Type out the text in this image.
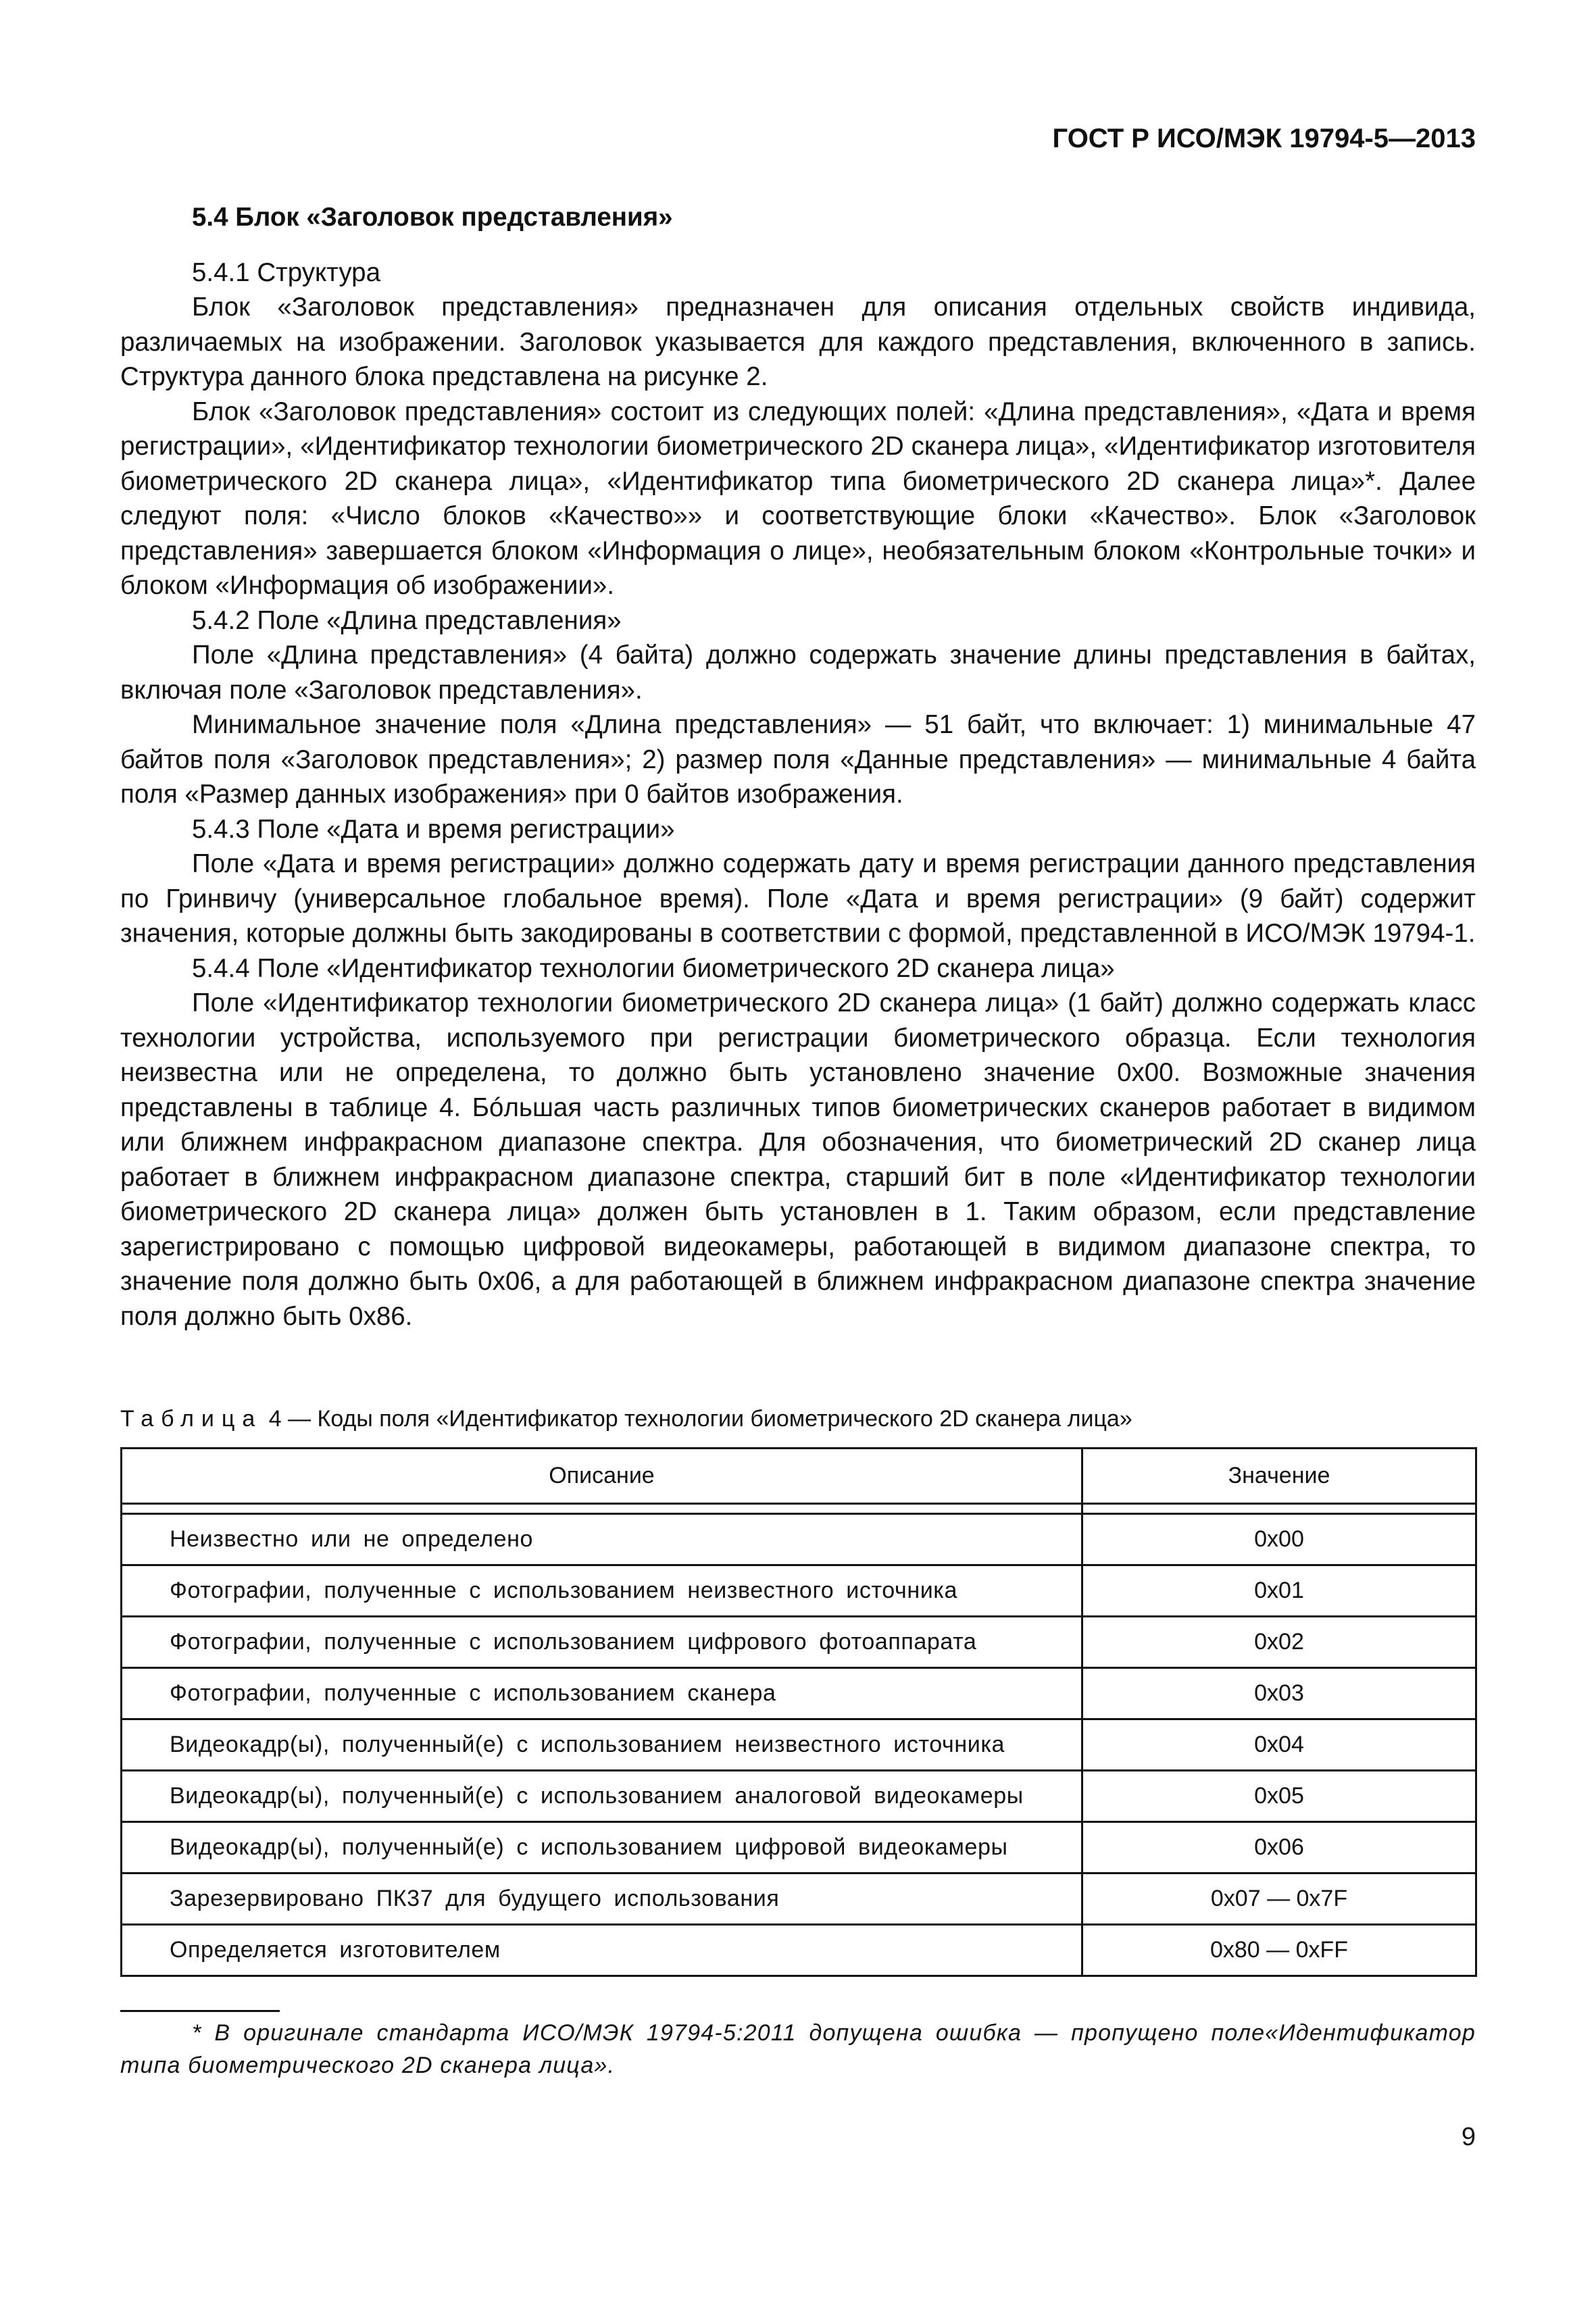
ГОСТ Р ИСО/МЭК 19794-5—2013

5.4 Блок «Заголовок представления»

5.4.1 Структура

Блок «Заголовок представления» предназначен для описания отдельных свойств индивида, различаемых на изображении. Заголовок указывается для каждого представления, включенного в запись. Структура данного блока представлена на рисунке 2.

Блок «Заголовок представления» состоит из следующих полей: «Длина представления», «Дата и время регистрации», «Идентификатор технологии биометрического 2D сканера лица», «Идентификатор изготовителя биометрического 2D сканера лица», «Идентификатор типа биометрического 2D сканера лица»*. Далее следуют поля: «Число блоков «Качество»» и соответствующие блоки «Качество». Блок «Заголовок представления» завершается блоком «Информация о лице», необязательным блоком «Контрольные точки» и блоком «Информация об изображении».

5.4.2 Поле «Длина представления»

Поле «Длина представления» (4 байта) должно содержать значение длины представления в байтах, включая поле «Заголовок представления».

Минимальное значение поля «Длина представления» — 51 байт, что включает: 1) минимальные 47 байтов поля «Заголовок представления»; 2) размер поля «Данные представления» — минимальные 4 байта поля «Размер данных изображения» при 0 байтов изображения.

5.4.3 Поле «Дата и время регистрации»

Поле «Дата и время регистрации» должно содержать дату и время регистрации данного представления по Гринвичу (универсальное глобальное время). Поле «Дата и время регистрации» (9 байт) содержит значения, которые должны быть закодированы в соответствии с формой, представленной в ИСО/МЭК 19794-1.

5.4.4 Поле «Идентификатор технологии биометрического 2D сканера лица»

Поле «Идентификатор технологии биометрического 2D сканера лица» (1 байт) должно содержать класс технологии устройства, используемого при регистрации биометрического образца. Если технология неизвестна или не определена, то должно быть установлено значение 0x00. Возможные значения представлены в таблице 4. Бóльшая часть различных типов биометрических сканеров работает в видимом или ближнем инфракрасном диапазоне спектра. Для обозначения, что биометрический 2D сканер лица работает в ближнем инфракрасном диапазоне спектра, старший бит в поле «Идентификатор технологии биометрического 2D сканера лица» должен быть установлен в 1. Таким образом, если представление зарегистрировано с помощью цифровой видеокамеры, работающей в видимом диапазоне спектра, то значение поля должно быть 0x06, а для работающей в ближнем инфракрасном диапазоне спектра значение поля должно быть 0x86.

Таблица 4 — Коды поля «Идентификатор технологии биометрического 2D сканера лица»
Описание	Значение

Неизвестно или не определено	0x00
Фотографии, полученные с использованием неизвестного источника	0x01
Фотографии, полученные с использованием цифрового фотоаппарата	0x02
Фотографии, полученные с использованием сканера	0x03
Видеокадр(ы), полученный(е) с использованием неизвестного источника	0x04
Видеокадр(ы), полученный(е) с использованием аналоговой видеокамеры	0x05
Видеокадр(ы), полученный(е) с использованием цифровой видеокамеры	0x06
Зарезервировано ПК37 для будущего использования	0x07 — 0x7F
Определяется изготовителем	0x80 — 0xFF
* В оригинале стандарта ИСО/МЭК 19794-5:2011 допущена ошибка — пропущено поле«Идентификатор типа биометрического 2D сканера лица».
9
